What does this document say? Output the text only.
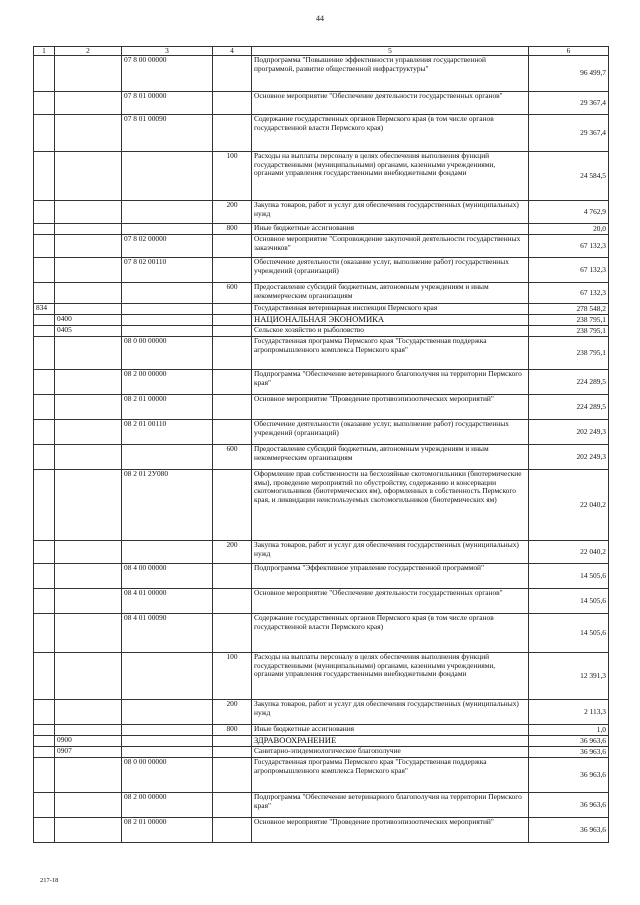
44
1	2	3	4	5	6
		07 8 00 00000		Подпрограмма "Повышение эффективности управления государственной программой, развитие общественной инфраструктуры"	96 499,7
		07 8 01 00000		Основное мероприятие "Обеспечение деятельности государственных органов"	29 367,4
		07 8 01 00090		Содержание государственных органов Пермского края (в том числе органов государственной власти Пермского края)	29 367,4
			100	Расходы на выплаты персоналу в целях обеспечения выполнения функций государственными (муниципальными) органами, казенными учреждениями, органами управления государственными внебюджетными фондами	24 584,5
			200	Закупка товаров, работ и услуг для обеспечения государственных (муниципальных) нужд	4 762,9
			800	Иные бюджетные ассигнования	20,0
		07 8 02 00000		Основное мероприятие "Сопровождение закупочной деятельности государственных заказчиков"	67 132,3
		07 8 02 00110		Обеспечение деятельности (оказание услуг, выполнение работ) государственных учреждений (организаций)	67 132,3
			600	Предоставление субсидий бюджетным, автономным учреждениям и иным некоммерческим организациям	67 132,3
834				Государственная ветеринарная инспекция Пермского края	278 548,2
	0400			НАЦИОНАЛЬНАЯ ЭКОНОМИКА	238 795,1
	0405			Сельское хозяйство и рыболовство	238 795,1
		08 0 00 00000		Государственная программа Пермского края "Государственная поддержка агропромышленного комплекса Пермского края"	238 795,1
		08 2 00 00000		Подпрограмма "Обеспечение ветеринарного благополучия на территории Пермского края"	224 289,5
		08 2 01 00000		Основное мероприятие "Проведение противоэпизоотических мероприятий"	224 289,5
		08 2 01 00110		Обеспечение деятельности (оказание услуг, выполнение работ) государственных учреждений (организаций)	202 249,3
			600	Предоставление субсидий бюджетным, автономным учреждениям и иным некоммерческим организациям	202 249,3
		08 2 01 2У080		Оформление прав собственности на бесхозяйные скотомогильники (биотермические ямы), проведение мероприятий по обустройству, содержанию и консервации скотомогильников (биотермических ям), оформленных в собственность Пермского края, и ликвидации неиспользуемых скотомогильников (биотермических ям)	22 040,2
			200	Закупка товаров, работ и услуг для обеспечения государственных (муниципальных) нужд	22 040,2
		08 4 00 00000		Подпрограмма "Эффективное управление государственной программой"	14 505,6
		08 4 01 00000		Основное мероприятие "Обеспечение деятельности государственных органов"	14 505,6
		08 4 01 00090		Содержание государственных органов Пермского края (в том числе органов государственной власти Пермского края)	14 505,6
			100	Расходы на выплаты персоналу в целях обеспечения выполнения функций государственными (муниципальными) органами, казенными учреждениями, органами управления государственными внебюджетными фондами	12 391,3
			200	Закупка товаров, работ и услуг для обеспечения государственных (муниципальных) нужд	2 113,3
			800	Иные бюджетные ассигнования	1,0
	0900			ЗДРАВООХРАНЕНИЕ	36 963,6
	0907			Санитарно-эпидемиологическое благополучие	36 963,6
		08 0 00 00000		Государственная программа Пермского края "Государственная поддержка агропромышленного комплекса Пермского края"	36 963,6
		08 2 00 00000		Подпрограмма "Обеспечение ветеринарного благополучия на территории Пермского края"	36 963,6
		08 2 01 00000		Основное мероприятие "Проведение противоэпизоотических мероприятий"	36 963,6
217-18
